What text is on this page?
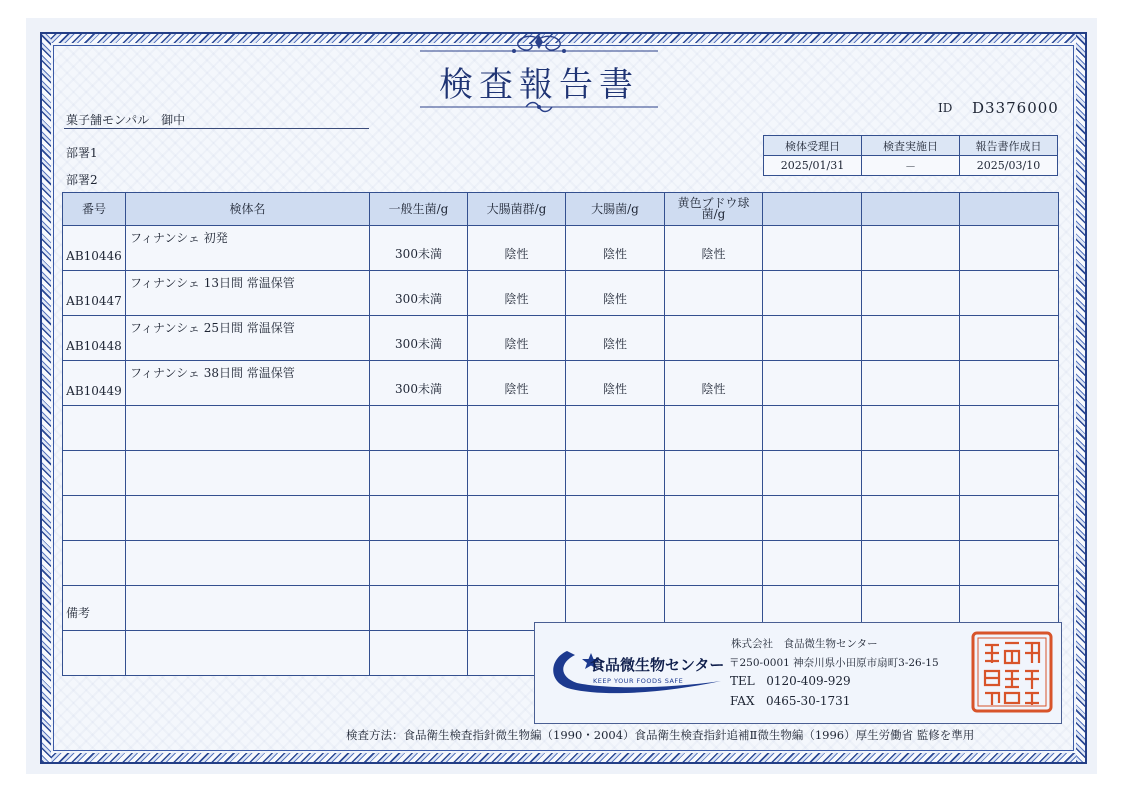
検査報告書
菓子舗モンパル　御中
部署1
部署2
ID D3376000
検体受理日	検査実施日	報告書作成日
2025/01/31	－	2025/03/10
番号	検体名	一般生菌/g	大腸菌群/g	大腸菌/g	黄色ブドウ球菌/g			
AB10446	フィナンシェ 初発	300未満	陰性	陰性	陰性			
AB10447	フィナンシェ 13日間 常温保管	300未満	陰性	陰性				
AB10448	フィナンシェ 25日間 常温保管	300未満	陰性	陰性				
AB10449	フィナンシェ 38日間 常温保管	300未満	陰性	陰性	陰性			

備考
食品微生物センター
KEEP YOUR FOODS SAFE
株式会社　食品微生物センター
〒250-0001 神奈川県小田原市扇町3-26-15
TEL 0120-409-929
FAX 0465-30-1731
検査方法：食品衛生検査指針微生物編（1990・2004）食品衛生検査指針追補Ⅱ微生物編（1996）厚生労働省 監修を準用
